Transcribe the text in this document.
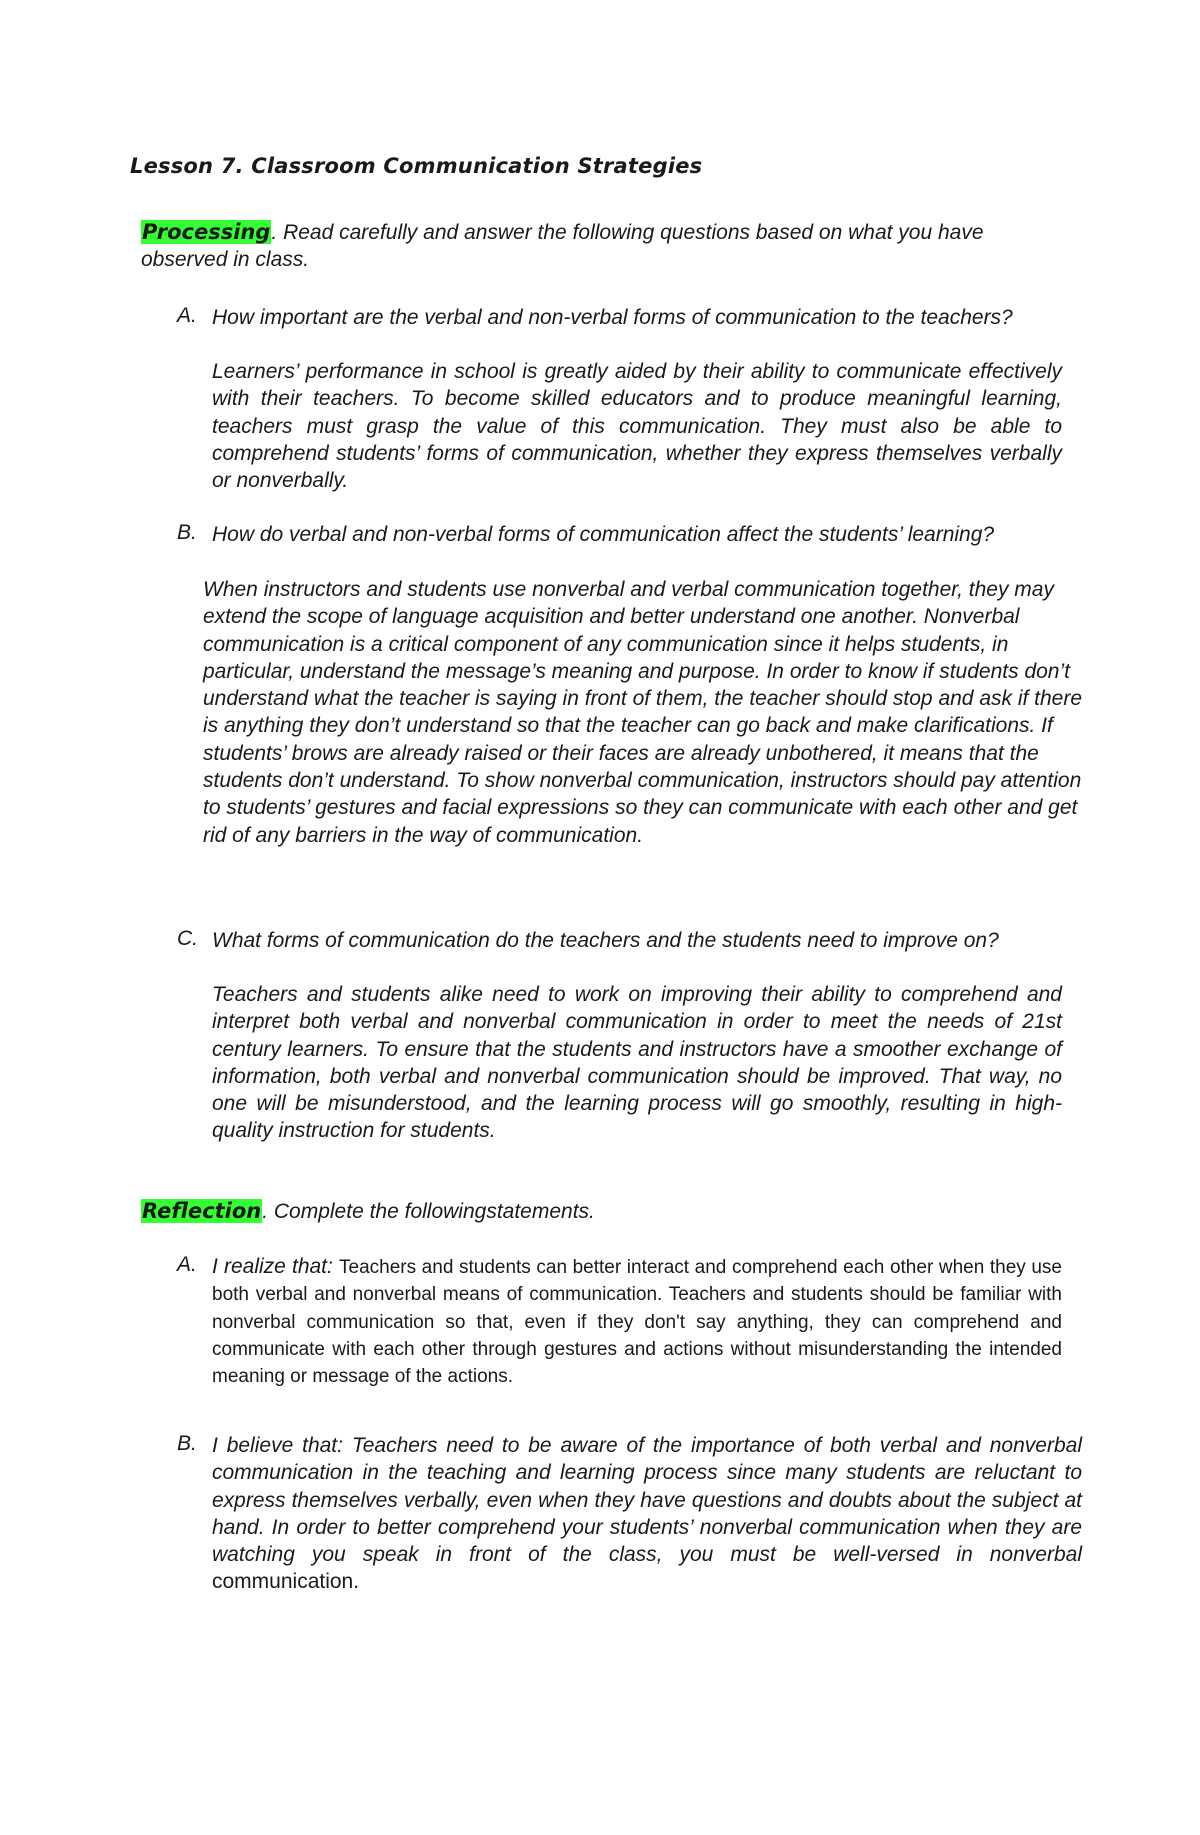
Lesson 7. Classroom Communication Strategies
Processing. Read carefully and answer the following questions based on what you have observed in class.
A. How important are the verbal and non-verbal forms of communication to the teachers?
Learners’ performance in school is greatly aided by their ability to communicate effectively with their teachers. To become skilled educators and to produce meaningful learning, teachers must grasp the value of this communication. They must also be able to comprehend students’ forms of communication, whether they express themselves verbally or nonverbally.
B. How do verbal and non-verbal forms of communication affect the students’ learning?
When instructors and students use nonverbal and verbal communication together, they may extend the scope of language acquisition and better understand one another. Nonverbal communication is a critical component of any communication since it helps students, in particular, understand the message’s meaning and purpose. In order to know if students don’t understand what the teacher is saying in front of them, the teacher should stop and ask if there is anything they don’t understand so that the teacher can go back and make clarifications. If students’ brows are already raised or their faces are already unbothered, it means that the students don’t understand. To show nonverbal communication, instructors should pay attention to students’ gestures and facial expressions so they can communicate with each other and get rid of any barriers in the way of communication.
C. What forms of communication do the teachers and the students need to improve on?
Teachers and students alike need to work on improving their ability to comprehend and interpret both verbal and nonverbal communication in order to meet the needs of 21st century learners. To ensure that the students and instructors have a smoother exchange of information, both verbal and nonverbal communication should be improved. That way, no one will be misunderstood, and the learning process will go smoothly, resulting in high-quality instruction for students.
Reflection. Complete the followingstatements.
A. I realize that: Teachers and students can better interact and comprehend each other when they use both verbal and nonverbal means of communication. Teachers and students should be familiar with nonverbal communication so that, even if they don't say anything, they can comprehend and communicate with each other through gestures and actions without misunderstanding the intended meaning or message of the actions.
B. I believe that: Teachers need to be aware of the importance of both verbal and nonverbal communication in the teaching and learning process since many students are reluctant to express themselves verbally, even when they have questions and doubts about the subject at hand. In order to better comprehend your students’ nonverbal communication when they are watching you speak in front of the class, you must be well-versed in nonverbal communication.
